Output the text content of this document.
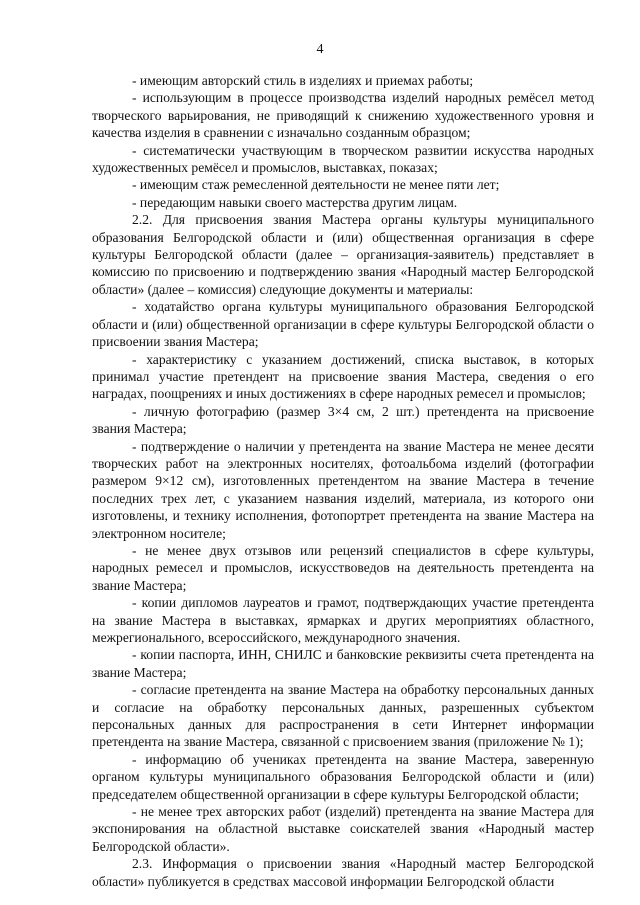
4

- имеющим авторский стиль в изделиях и приемах работы;

- использующим в процессе производства изделий народных ремёсел метод творческого варьирования, не приводящий к снижению художественного уровня и качества изделия в сравнении с изначально созданным образцом;

- систематически участвующим в творческом развитии искусства народных художественных ремёсел и промыслов, выставках, показах;

- имеющим стаж ремесленной деятельности не менее пяти лет;

- передающим навыки своего мастерства другим лицам.

2.2. Для присвоения звания Мастера органы культуры муниципального образования Белгородской области и (или) общественная организация в сфере культуры Белгородской области (далее – организация-заявитель) представляет в комиссию по присвоению и подтверждению звания «Народный мастер Белгородской области» (далее – комиссия) следующие документы и материалы:

- ходатайство органа культуры муниципального образования Белгородской области и (или) общественной организации в сфере культуры Белгородской области о присвоении звания Мастера;

- характеристику с указанием достижений, списка выставок, в которых принимал участие претендент на присвоение звания Мастера, сведения о его наградах, поощрениях и иных достижениях в сфере народных ремесел и промыслов;

- личную фотографию (размер 3×4 см, 2 шт.) претендента на присвоение звания Мастера;

- подтверждение о наличии у претендента на звание Мастера не менее десяти творческих работ на электронных носителях, фотоальбома изделий (фотографии размером 9×12 см), изготовленных претендентом на звание Мастера в течение последних трех лет, с указанием названия изделий, материала, из которого они изготовлены, и технику исполнения, фотопортрет претендента на звание Мастера на электронном носителе;

- не менее двух отзывов или рецензий специалистов в сфере культуры, народных ремесел и промыслов, искусствоведов на деятельность претендента на звание Мастера;

- копии дипломов лауреатов и грамот, подтверждающих участие претендента на звание Мастера в выставках, ярмарках и других мероприятиях областного, межрегионального, всероссийского, международного значения.

- копии паспорта, ИНН, СНИЛС и банковские реквизиты счета претендента на звание Мастера;

- согласие претендента на звание Мастера на обработку персональных данных и согласие на обработку персональных данных, разрешенных субъектом персональных данных для распространения в сети Интернет информации претендента на звание Мастера, связанной с присвоением звания (приложение № 1);

- информацию об учениках претендента на звание Мастера, заверенную органом культуры муниципального образования Белгородской области и (или) председателем общественной организации в сфере культуры Белгородской области;

- не менее трех авторских работ (изделий) претендента на звание Мастера для экспонирования на областной выставке соискателей звания «Народный мастер Белгородской области».

2.3. Информация о присвоении звания «Народный мастер Белгородской области» публикуется в средствах массовой информации Белгородской области
